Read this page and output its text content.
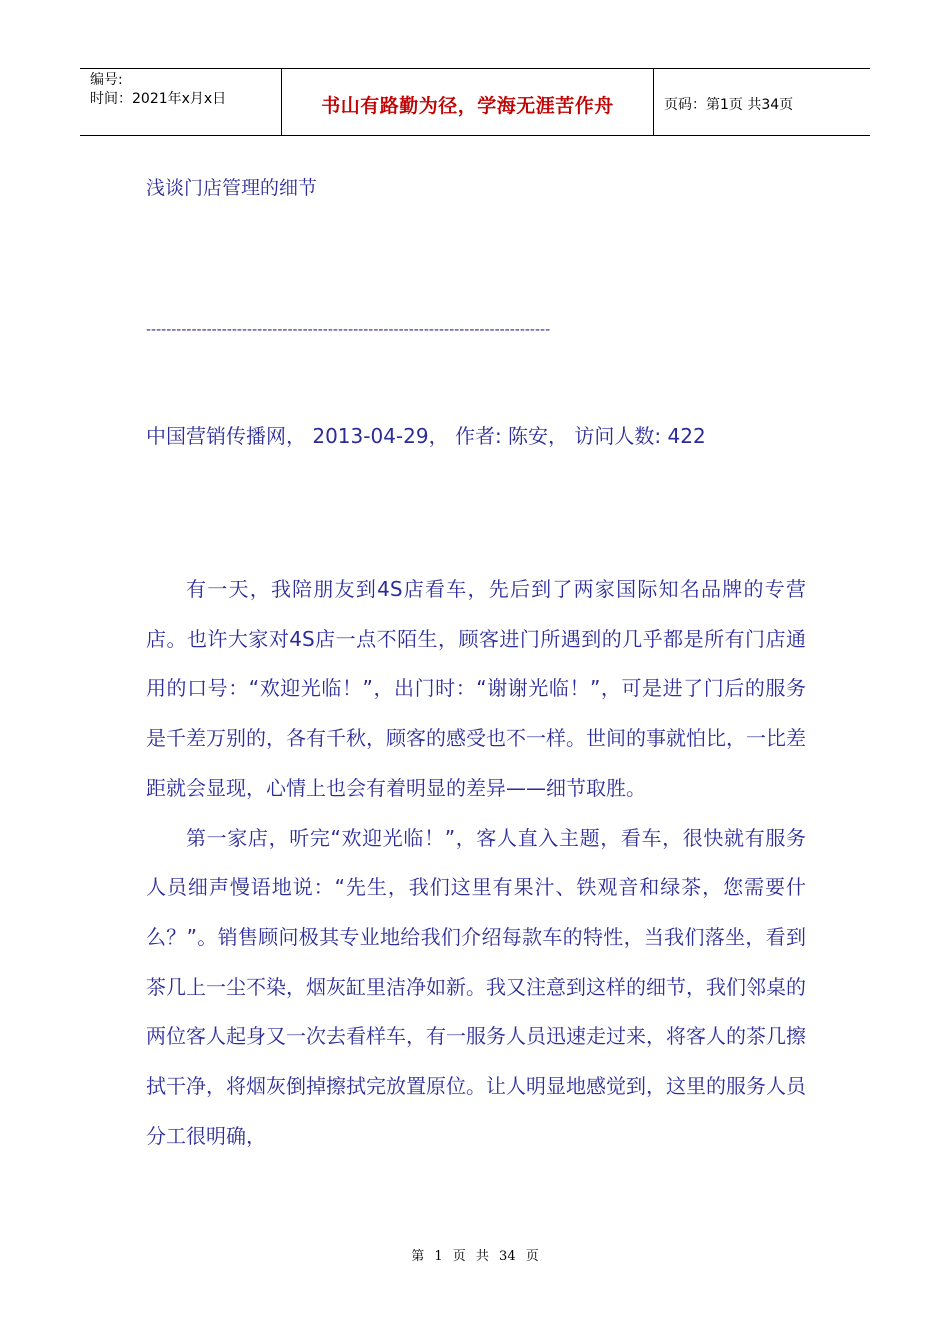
编号:
时间：2021年x月x日	书山有路勤为径，学海无涯苦作舟	页码：第1页 共34页
浅谈门店管理的细节
--------------------------------------------------------------------------------
中国营销传播网， 2013-04-29， 作者: 陈安， 访问人数: 422

有一天，我陪朋友到4S店看车，先后到了两家国际知名品牌的专营店。也许大家对4S店一点不陌生，顾客进门所遇到的几乎都是所有门店通用的口号：“欢迎光临！”，出门时：“谢谢光临！”，可是进了门后的服务是千差万别的，各有千秋，顾客的感受也不一样。世间的事就怕比，一比差距就会显现，心情上也会有着明显的差异——细节取胜。

第一家店，听完“欢迎光临！”，客人直入主题，看车，很快就有服务人员细声慢语地说：“先生，我们这里有果汁、铁观音和绿茶，您需要什么？”。销售顾问极其专业地给我们介绍每款车的特性，当我们落坐，看到茶几上一尘不染，烟灰缸里洁净如新。我又注意到这样的细节，我们邻桌的两位客人起身又一次去看样车，有一服务人员迅速走过来，将客人的茶几擦拭干净，将烟灰倒掉擦拭完放置原位。让人明显地感觉到，这里的服务人员分工很明确，

第 1 页 共 34 页
